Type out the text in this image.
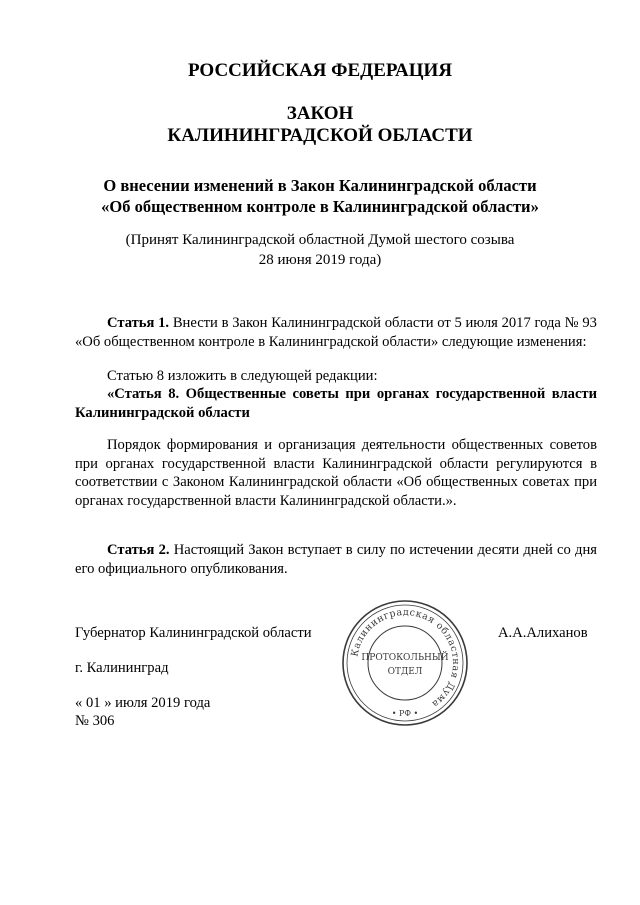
РОССИЙСКАЯ ФЕДЕРАЦИЯ
ЗАКОН
КАЛИНИНГРАДСКОЙ ОБЛАСТИ
О внесении изменений в Закон Калининградской области
«Об общественном контроле в Калининградской области»
(Принят Калининградской областной Думой шестого созыва
28 июня 2019 года)
Статья 1. Внести в Закон Калининградской области от 5 июля 2017 года № 93 «Об общественном контроле в Калининградской области» следующие изменения:
Статью 8 изложить в следующей редакции:
«Статья 8. Общественные советы при органах государственной власти Калининградской области
Порядок формирования и организация деятельности общественных советов при органах государственной власти Калининградской области регулируются в соответствии с Законом Калининградской области «Об общественных советах при органах государственной власти Калининградской области.».
Статья 2. Настоящий Закон вступает в силу по истечении десяти дней со дня его официального опубликования.
Губернатор Калининградской области	А.А.Алиханов
г. Калининград
« 01 » июля 2019 года
№ 306
Калининградская областная Дума
ПРОТОКОЛЬНЫЙ
ОТДЕЛ
• РФ •
